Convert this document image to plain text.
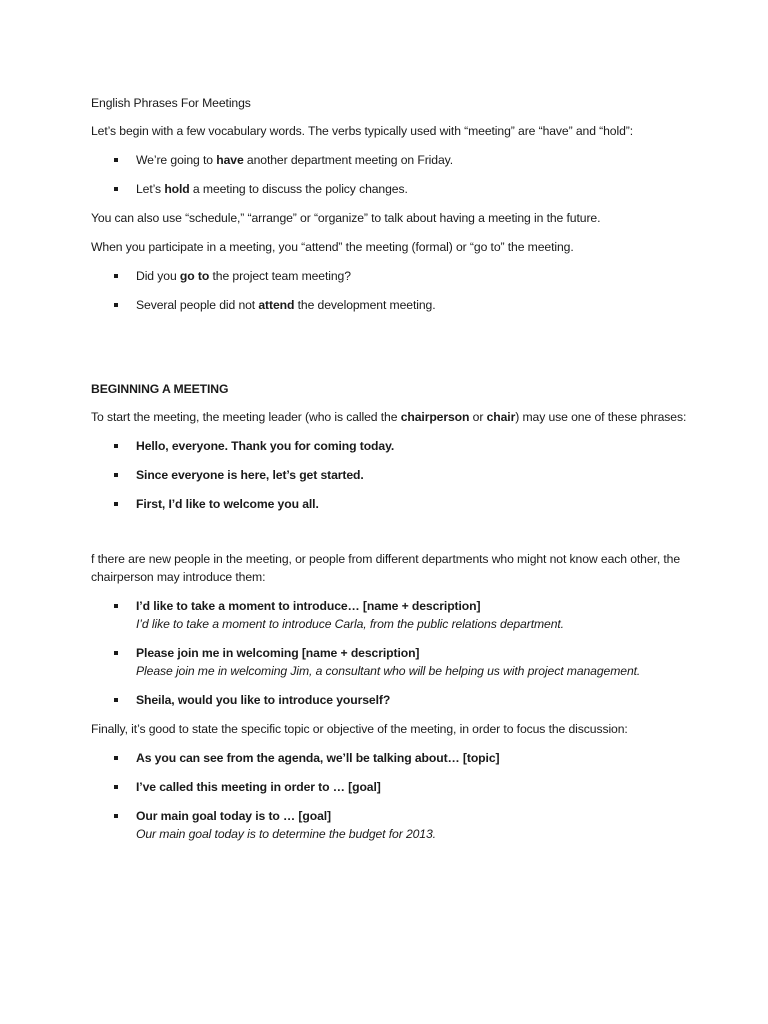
English Phrases For Meetings

Let’s begin with a few vocabulary words. The verbs typically used with “meeting” are “have” and “hold”:

We’re going to have another department meeting on Friday.
Let’s hold a meeting to discuss the policy changes.

You can also use “schedule,” “arrange” or “organize” to talk about having a meeting in the future.

When you participate in a meeting, you “attend” the meeting (formal) or “go to” the meeting.

Did you go to the project team meeting?
Several people did not attend the development meeting.

BEGINNING A MEETING

To start the meeting, the meeting leader (who is called the chairperson or chair) may use one of these phrases:

Hello, everyone. Thank you for coming today.
Since everyone is here, let’s get started.
First, I’d like to welcome you all.

f there are new people in the meeting, or people from different departments who might not know each other, the chairperson may introduce them:

I’d like to take a moment to introduce… [name + description]
I’d like to take a moment to introduce Carla, from the public relations department.
Please join me in welcoming [name + description]
Please join me in welcoming Jim, a consultant who will be helping us with project management.
Sheila, would you like to introduce yourself?

Finally, it’s good to state the specific topic or objective of the meeting, in order to focus the discussion:

As you can see from the agenda, we’ll be talking about… [topic]
I’ve called this meeting in order to … [goal]
Our main goal today is to … [goal]
Our main goal today is to determine the budget for 2013.
